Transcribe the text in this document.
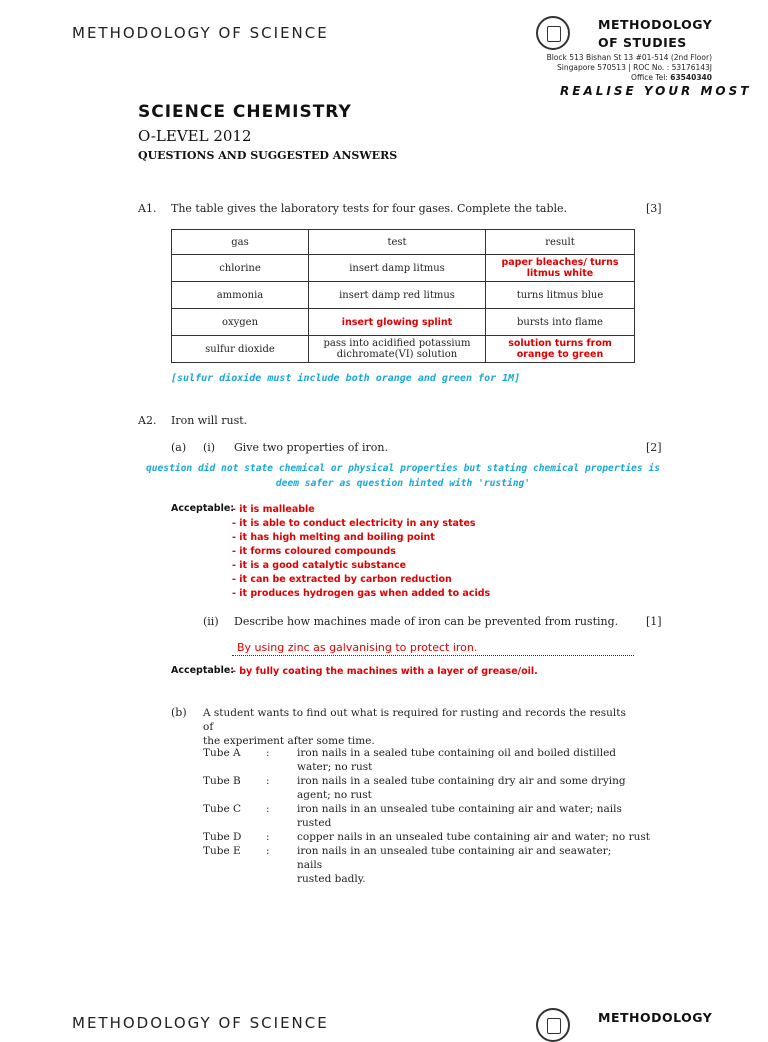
METHODOLOGY OF SCIENCE	METHODOLOGY
OF STUDIES
Block 513 Bishan St 13 #01-514 (2nd Floor)
Singapore 570513 | ROC No. : 53176143J
Office Tel: 63540340
REALISE YOUR MOST
SCIENCE CHEMISTRY
O-LEVEL 2012
QUESTIONS AND SUGGESTED ANSWERS
A1. The table gives the laboratory tests for four gases. Complete the table.	[3]
gas	test	result
chlorine	insert damp litmus	paper bleaches/ turns litmus white
ammonia	insert damp red litmus	turns litmus blue
oxygen	insert glowing splint	bursts into flame
sulfur dioxide	pass into acidified potassium dichromate(VI) solution	solution turns from orange to green
[sulfur dioxide must include both orange and green for 1M]
A2. Iron will rust.
(a) (i) Give two properties of iron.	[2]
question did not state chemical or physical properties but stating chemical properties is
deem safer as question hinted with 'rusting'
Acceptable:
- it is malleable
- it is able to conduct electricity in any states
- it has high melting and boiling point
- it forms coloured compounds
- it is a good catalytic substance
- it can be extracted by carbon reduction
- it produces hydrogen gas when added to acids
(ii) Describe how machines made of iron can be prevented from rusting.	[1]
By using zinc as galvanising to protect iron.
Acceptable:
- by fully coating the machines with a layer of grease/oil.
(b) A student wants to find out what is required for rusting and records the results of
the experiment after some time.
Tube A :	iron nails in a sealed tube containing oil and boiled distilled
water; no rust
Tube B :	iron nails in a sealed tube containing dry air and some drying
agent; no rust
Tube C :	iron nails in an unsealed tube containing air and water; nails
rusted
Tube D :	copper nails in an unsealed tube containing air and water; no rust
Tube E :	iron nails in an unsealed tube containing air and seawater; nails
rusted badly.
METHODOLOGY OF SCIENCE	METHODOLOGY
